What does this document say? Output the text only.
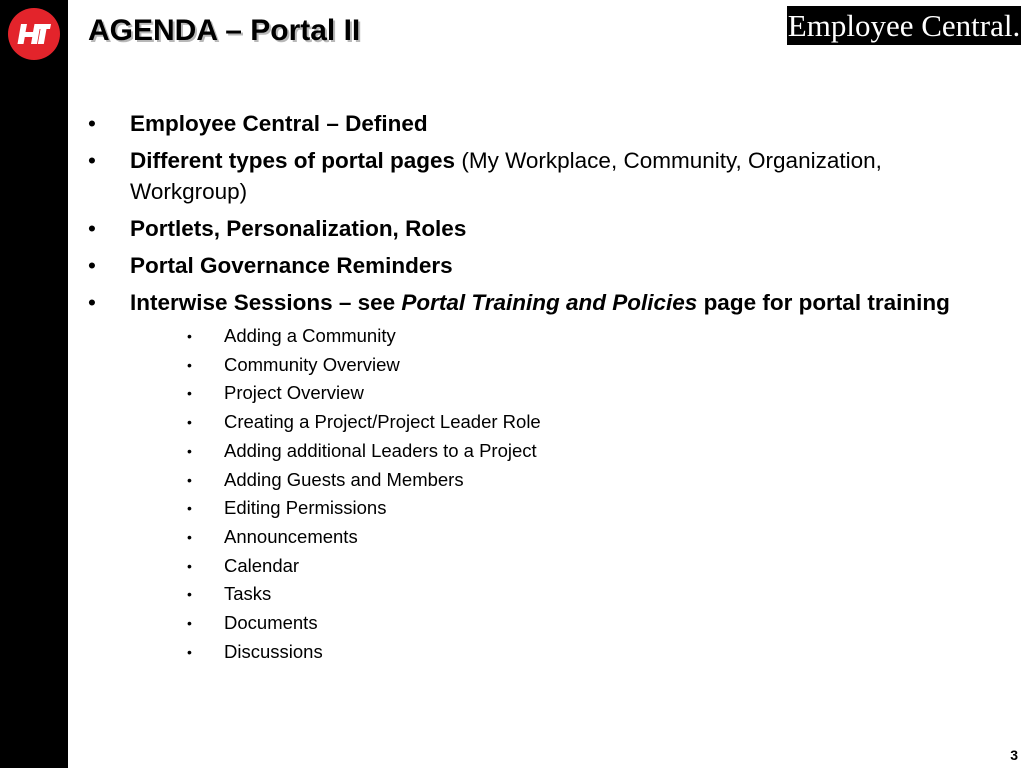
AGENDA – Portal II	Employee Central.
• Employee Central – Defined
• Different types of portal pages (My Workplace, Community, Organization, Workgroup)
• Portlets, Personalization, Roles
• Portal Governance Reminders
• Interwise Sessions – see Portal Training and Policies page for portal training
•	Adding a Community
•	Community Overview
•	Project Overview
•	Creating a Project/Project Leader Role
•	Adding additional Leaders to a Project
•	Adding Guests and Members
•	Editing Permissions
•	Announcements
•	Calendar
•	Tasks
•	Documents
•	Discussions
3
